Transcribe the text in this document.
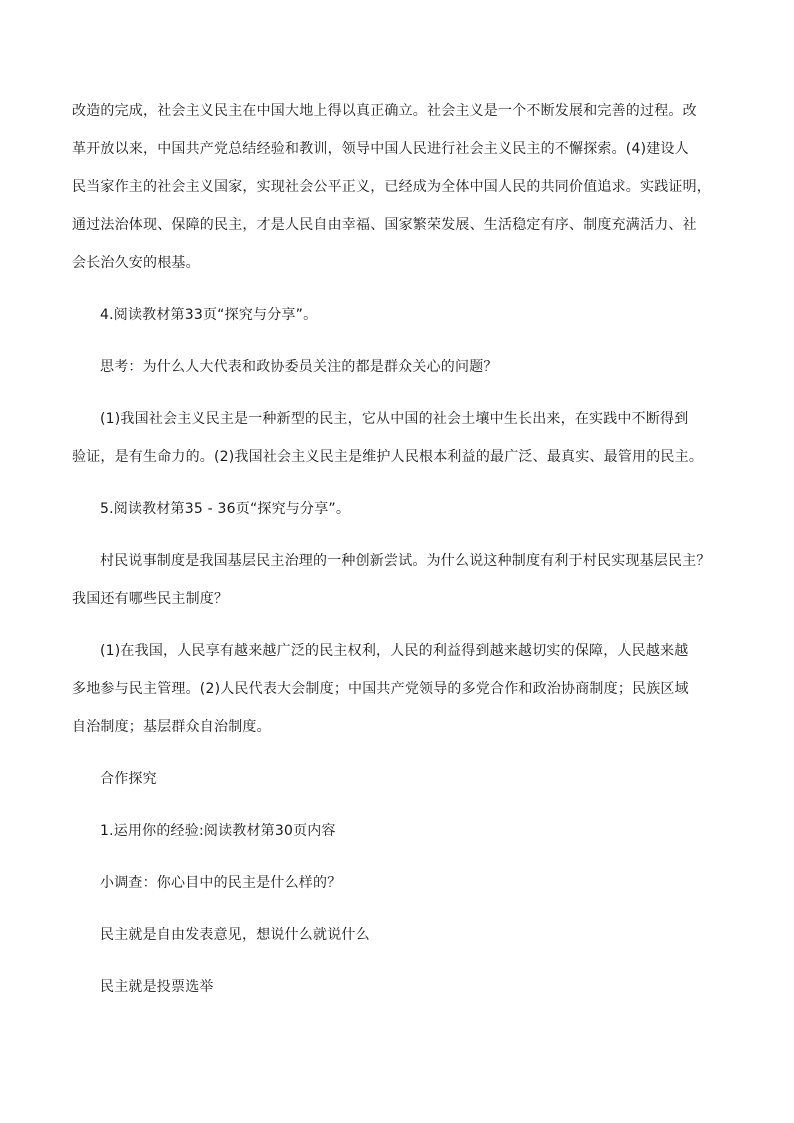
改造的完成，社会主义民主在中国大地上得以真正确立。社会主义是一个不断发展和完善的过程。改
革开放以来，中国共产党总结经验和教训，领导中国人民进行社会主义民主的不懈探索。(4)建设人
民当家作主的社会主义国家，实现社会公平正义，已经成为全体中国人民的共同价值追求。实践证明，
通过法治体现、保障的民主，才是人民自由幸福、国家繁荣发展、生活稳定有序、制度充满活力、社
会长治久安的根基。

4.阅读教材第33页“探究与分享”。

思考：为什么人大代表和政协委员关注的都是群众关心的问题？

(1)我国社会主义民主是一种新型的民主，它从中国的社会土壤中生长出来，在实践中不断得到
验证，是有生命力的。(2)我国社会主义民主是维护人民根本利益的最广泛、最真实、最管用的民主。

5.阅读教材第35 - 36页“探究与分享”。

村民说事制度是我国基层民主治理的一种创新尝试。为什么说这种制度有利于村民实现基层民主？
我国还有哪些民主制度？
(1)在我国，人民享有越来越广泛的民主权利，人民的利益得到越来越切实的保障，人民越来越
多地参与民主管理。(2)人民代表大会制度；中国共产党领导的多党合作和政治协商制度；民族区域
自治制度；基层群众自治制度。

合作探究

1.运用你的经验:阅读教材第30页内容

小调查：你心目中的民主是什么样的？

民主就是自由发表意见，想说什么就说什么

民主就是投票选举
